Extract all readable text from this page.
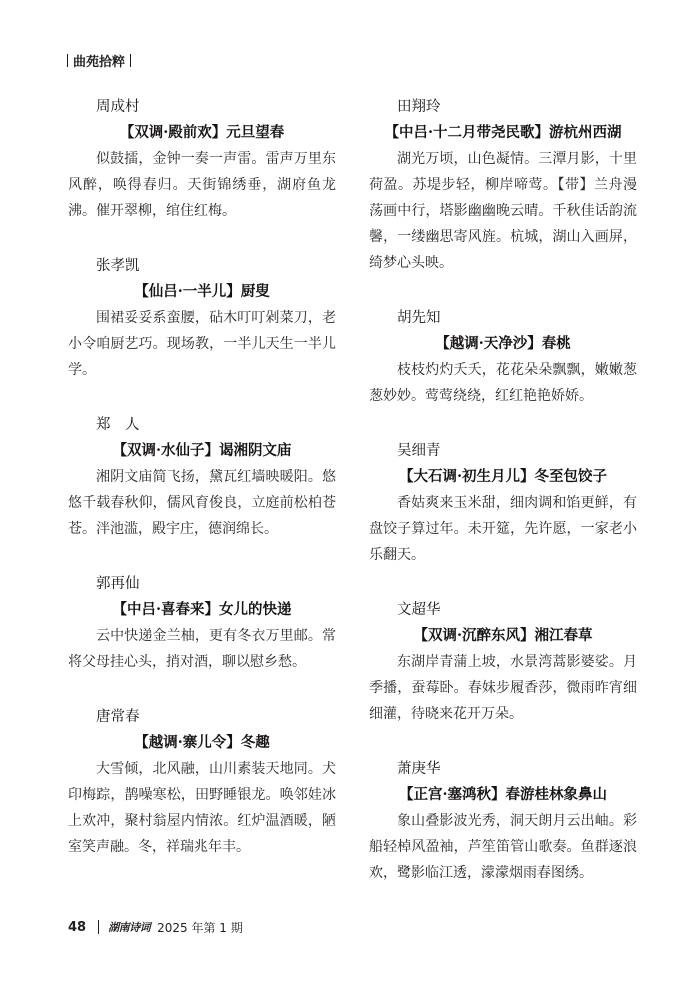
曲苑拾粹
周成村
【双调·殿前欢】元旦望春
似鼓擂，金钟一奏一声雷。雷声万里东风醉，唤得春归。天街锦绣垂，湖府鱼龙沸。催开翠柳，绾住红梅。
张孝凯
【仙吕·一半儿】厨叟
围裙妥妥系蛮腰，砧木叮叮剁菜刀，老小令咱厨艺巧。现场教，一半儿天生一半儿学。
郑　人
【双调·水仙子】谒湘阴文庙
湘阴文庙简飞扬，黛瓦红墙映暖阳。悠悠千载春秋仰，儒风育俊良，立庭前松柏苍苍。泮池滥，殿宇庄，德润绵长。
郭再仙
【中吕·喜春来】女儿的快递
云中快递金兰柚，更有冬衣万里邮。常将父母挂心头，捎对酒，聊以慰乡愁。
唐常春
【越调·寨儿令】冬趣
大雪倾，北风融，山川素装天地同。犬印梅踪，鹊噪寒松，田野睡银龙。唤邻娃冰上欢冲，聚村翁屋内情浓。红炉温酒暖，陋室笑声融。冬，祥瑞兆年丰。
田翔玲
【中吕·十二月带尧民歌】游杭州西湖
湖光万顷，山色凝情。三潭月影，十里荷盈。苏堤步轻，柳岸啼莺。【带】兰舟漫荡画中行，塔影幽幽晚云晴。千秋佳话韵流馨，一缕幽思寄风旌。杭城，湖山入画屏，绮梦心头映。
胡先知
【越调·天净沙】春桃
枝枝灼灼夭夭，花花朵朵飘飘，嫩嫩葱葱妙妙。莺莺绕绕，红红艳艳娇娇。
吴细青
【大石调·初生月儿】冬至包饺子
香姑爽来玉米甜，细肉调和馅更鲜，有盘饺子算过年。未开筵，先许愿，一家老小乐翻天。
文超华
【双调·沉醉东风】湘江春草
东湖岸青蒲上坡，水景湾蒿影婆娑。月季播，蚕莓卧。春妹步履香莎，微雨昨宵细细灌，待晓来花开万朵。
萧庚华
【正宫·塞鸿秋】春游桂林象鼻山
象山叠影波光秀，洞天朗月云出岫。彩船轻棹风盈袖，芦笙笛管山歌奏。鱼群逐浪欢，鹭影临江透，濛濛烟雨春图绣。
48 湖南诗词 2025 年第 1 期
